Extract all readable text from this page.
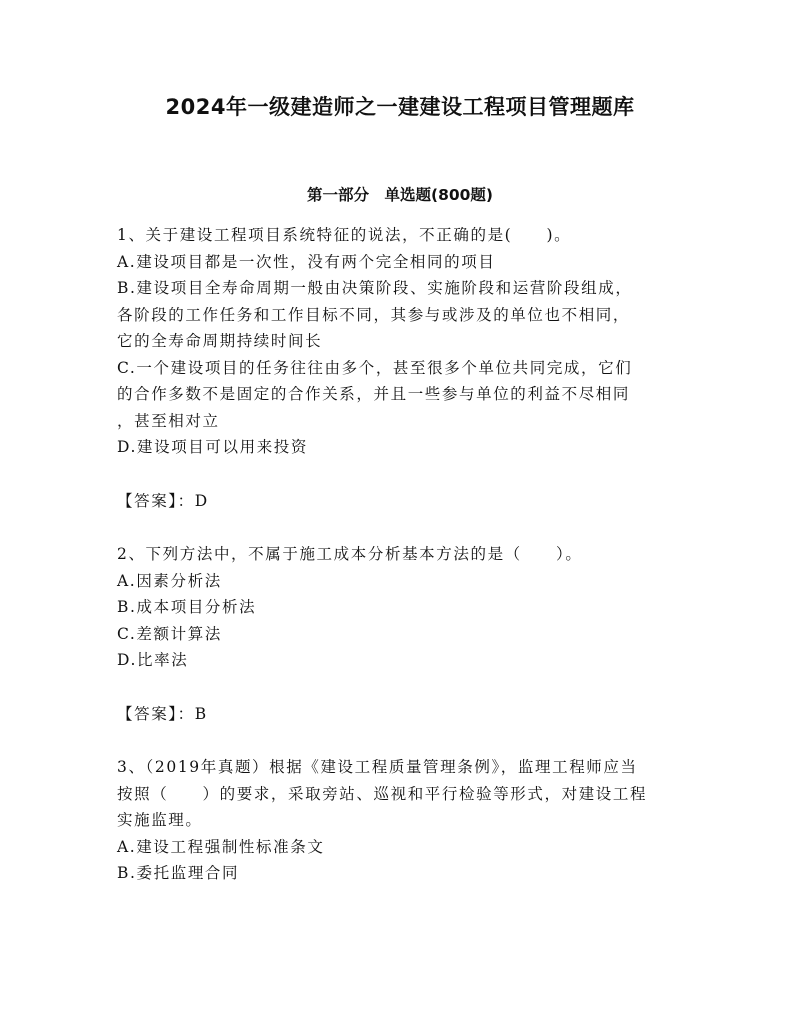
2024年一级建造师之一建建设工程项目管理题库
第一部分　单选题(800题)

1、关于建设工程项目系统特征的说法，不正确的是(　　)。

A.建设项目都是一次性，没有两个完全相同的项目

B.建设项目全寿命周期一般由决策阶段、实施阶段和运营阶段组成，

各阶段的工作任务和工作目标不同，其参与或涉及的单位也不相同，

它的全寿命周期持续时间长

C.一个建设项目的任务往往由多个，甚至很多个单位共同完成，它们

的合作多数不是固定的合作关系，并且一些参与单位的利益不尽相同

，甚至相对立

D.建设项目可以用来投资

【答案】：D

2、下列方法中，不属于施工成本分析基本方法的是（　　）。

A.因素分析法

B.成本项目分析法

C.差额计算法

D.比率法

【答案】：B

3、（2019年真题）根据《建设工程质量管理条例》，监理工程师应当

按照（　　）的要求，采取旁站、巡视和平行检验等形式，对建设工程

实施监理。

A.建设工程强制性标准条文

B.委托监理合同
